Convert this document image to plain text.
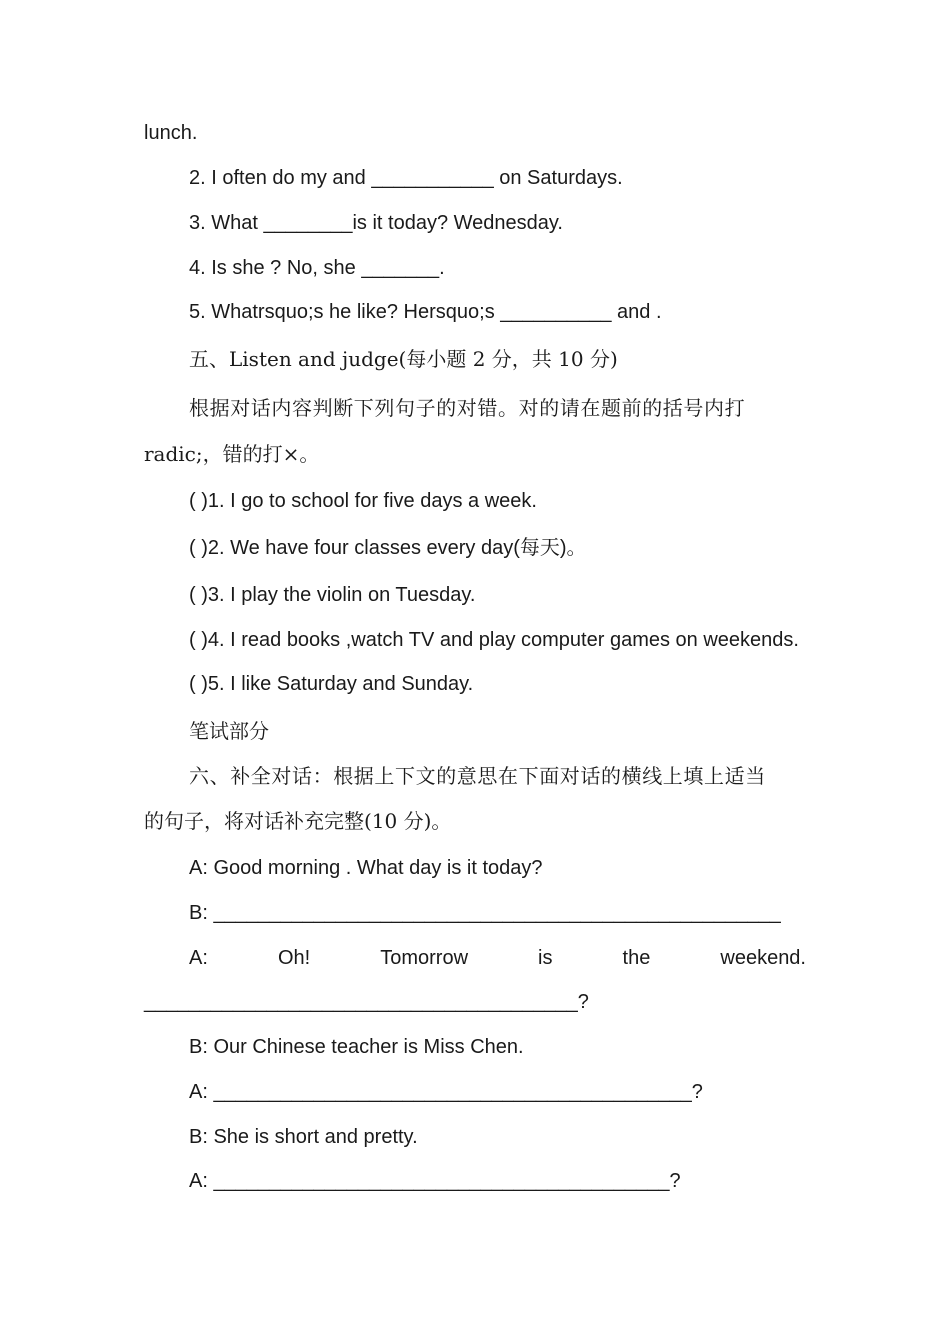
lunch.
2. I often do my and ___________ on Saturdays.
3. What ________is it today? Wednesday.
4. Is she ? No, she _______.
5. Whatrsquo;s he like? Hersquo;s __________ and .
五、Listen and judge(每小题 2 分，共 10 分)
根据对话内容判断下列句子的对错。对的请在题前的括号内打
radic;，错的打×。
( )1. I go to school for five days a week.
( )2. We have four classes every day(每天)。
( )3. I play the violin on Tuesday.
( )4. I read books ,watch TV and play computer games on weekends.
( )5. I like Saturday and Sunday.
笔试部分
六、补全对话：根据上下文的意思在下面对话的横线上填上适当
的句子，将对话补充完整(10 分)。
A: Good morning . What day is it today?
B: ___________________________________________________
A:	Oh!	Tomorrow	is	the	weekend.
_______________________________________?
B: Our Chinese teacher is Miss Chen.
A: ___________________________________________?
B: She is short and pretty.
A: _________________________________________?
